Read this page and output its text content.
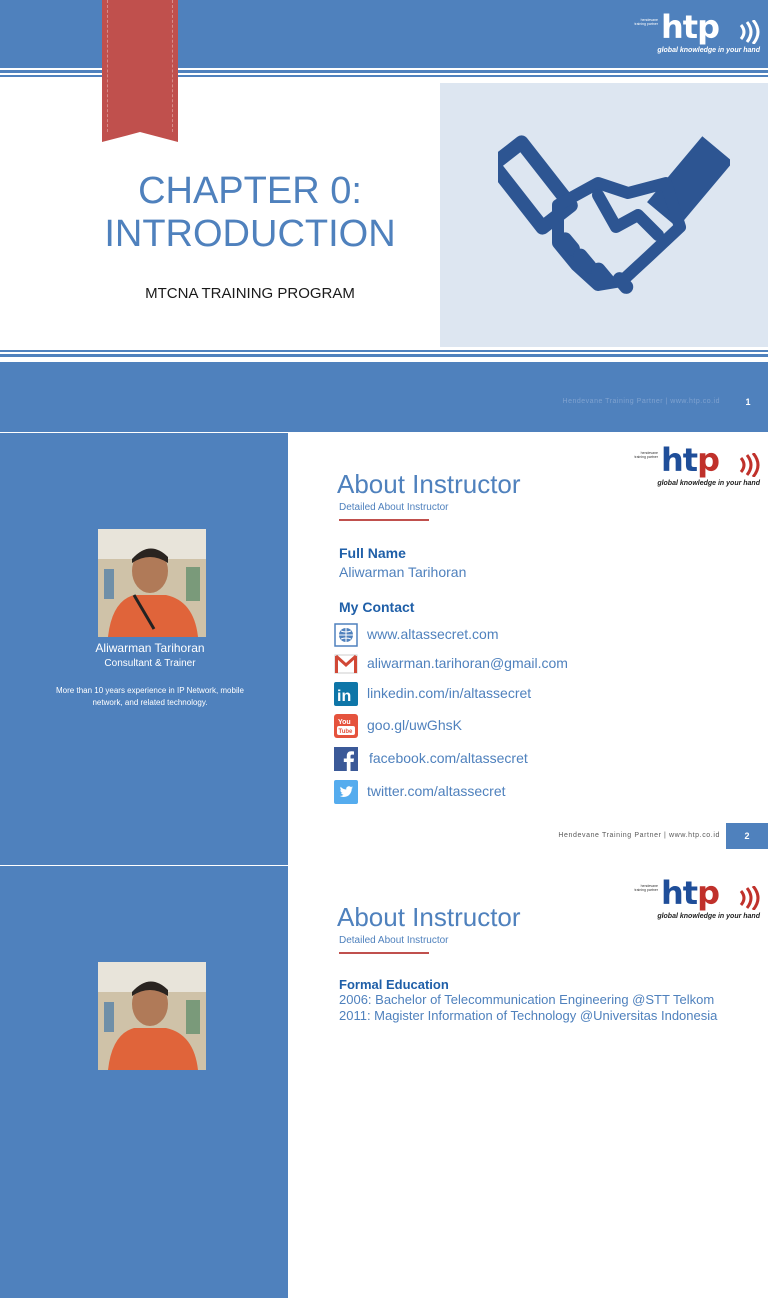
hendevane training partner htp
global knowledge in your hand
CHAPTER 0:
INTRODUCTION
MTCNA TRAINING PROGRAM
Hendevane Training Partner | www.htp.co.id	1
Aliwarman Tarihoran
Consultant & Trainer
More than 10 years experience in IP Network, mobile network, and related technology.
hendevane training partner htp
global knowledge in your hand
About Instructor
Detailed About Instructor
Full Name
Aliwarman Tarihoran
My Contact
www.altassecret.com
aliwarman.tarihoran@gmail.com
in linkedin.com/in/altassecret
You
Tube goo.gl/uwGhsK
facebook.com/altassecret
twitter.com/altassecret
Hendevane Training Partner | www.htp.co.id	2
hendevane training partner htp
global knowledge in your hand
About Instructor
Detailed About Instructor
Formal Education
2006: Bachelor of Telecommunication Engineering @STT Telkom
2011: Magister Information of Technology @Universitas Indonesia
